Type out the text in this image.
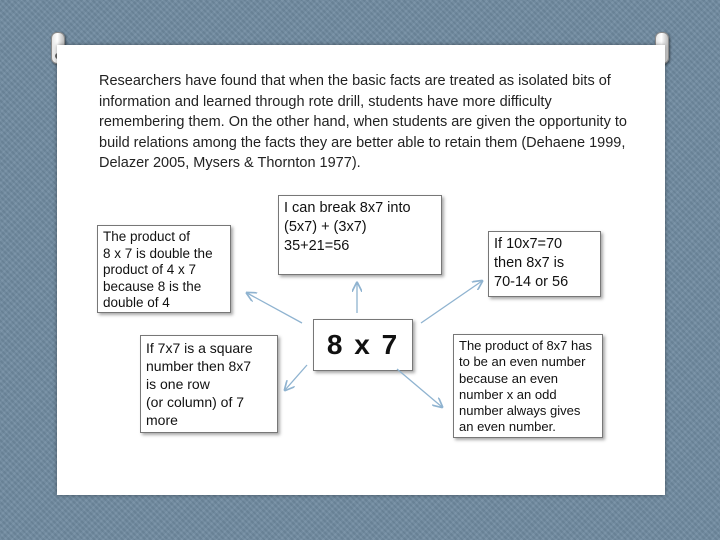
Researchers have found that when the basic facts are treated as isolated bits of information and learned through rote drill, students have more difficulty remembering them. On the other hand, when students are given the opportunity to build relations among the facts they are better able to retain them (Dehaene 1999, Delazer 2005, Mysers & Thornton 1977).
I can break 8x7 into
(5x7) + (3x7)
35+21=56
The product of
8 x 7 is double the
product of 4 x 7
because 8 is the
double of 4
If 10x7=70
then 8x7 is
70-14 or 56
8 x 7
If 7x7 is a square
number then 8x7
is one row
(or column) of 7
more
The product of 8x7 has
to be an even number
because an even
number x an odd
number always gives
an even number.
